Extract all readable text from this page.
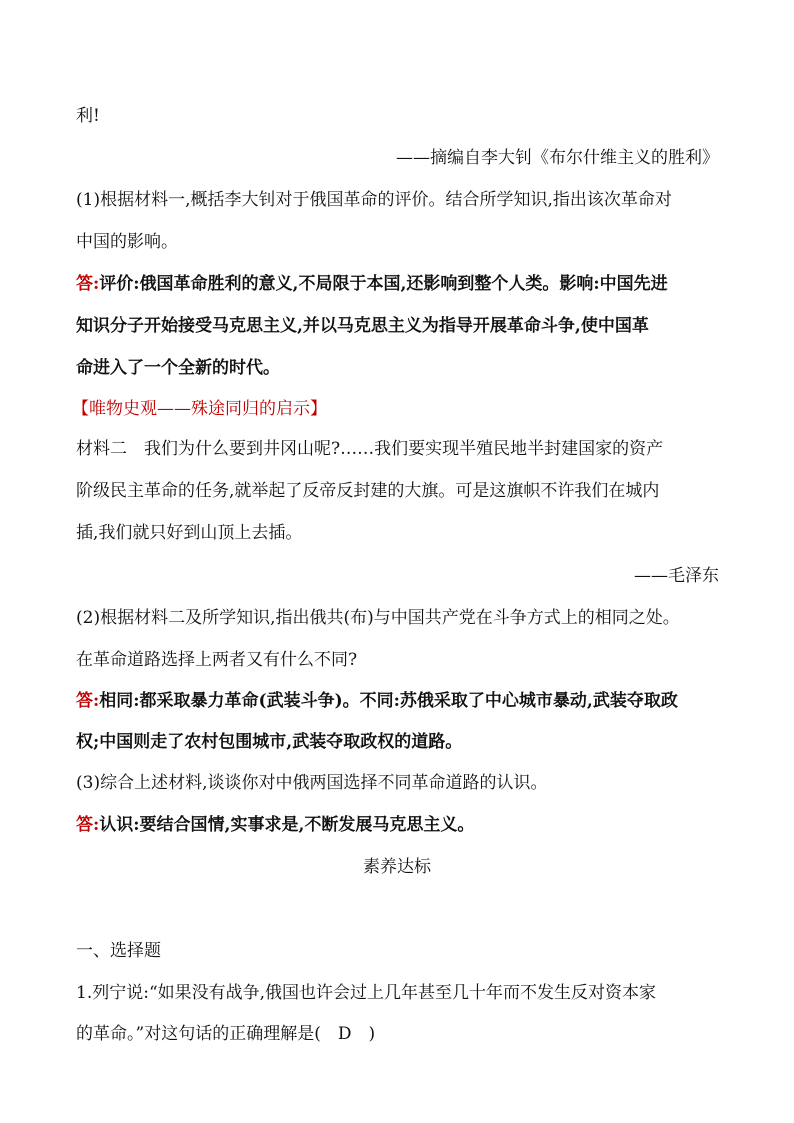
利!
——摘编自李大钊《布尔什维主义的胜利》
(1)根据材料一,概括李大钊对于俄国革命的评价。结合所学知识,指出该次革命对
中国的影响。
答:评价:俄国革命胜利的意义,不局限于本国,还影响到整个人类。影响:中国先进
知识分子开始接受马克思主义,并以马克思主义为指导开展革命斗争,使中国革
命进入了一个全新的时代。
【唯物史观——殊途同归的启示】
材料二　我们为什么要到井冈山呢?……我们要实现半殖民地半封建国家的资产
阶级民主革命的任务,就举起了反帝反封建的大旗。可是这旗帜不许我们在城内
插,我们就只好到山顶上去插。
——毛泽东
(2)根据材料二及所学知识,指出俄共(布)与中国共产党在斗争方式上的相同之处。
在革命道路选择上两者又有什么不同?
答:相同:都采取暴力革命(武装斗争)。不同:苏俄采取了中心城市暴动,武装夺取政
权;中国则走了农村包围城市,武装夺取政权的道路。
(3)综合上述材料,谈谈你对中俄两国选择不同革命道路的认识。
答:认识:要结合国情,实事求是,不断发展马克思主义。
素养达标
一、选择题
1.列宁说:“如果没有战争,俄国也许会过上几年甚至几十年而不发生反对资本家
的革命。”对这句话的正确理解是(　D　)
